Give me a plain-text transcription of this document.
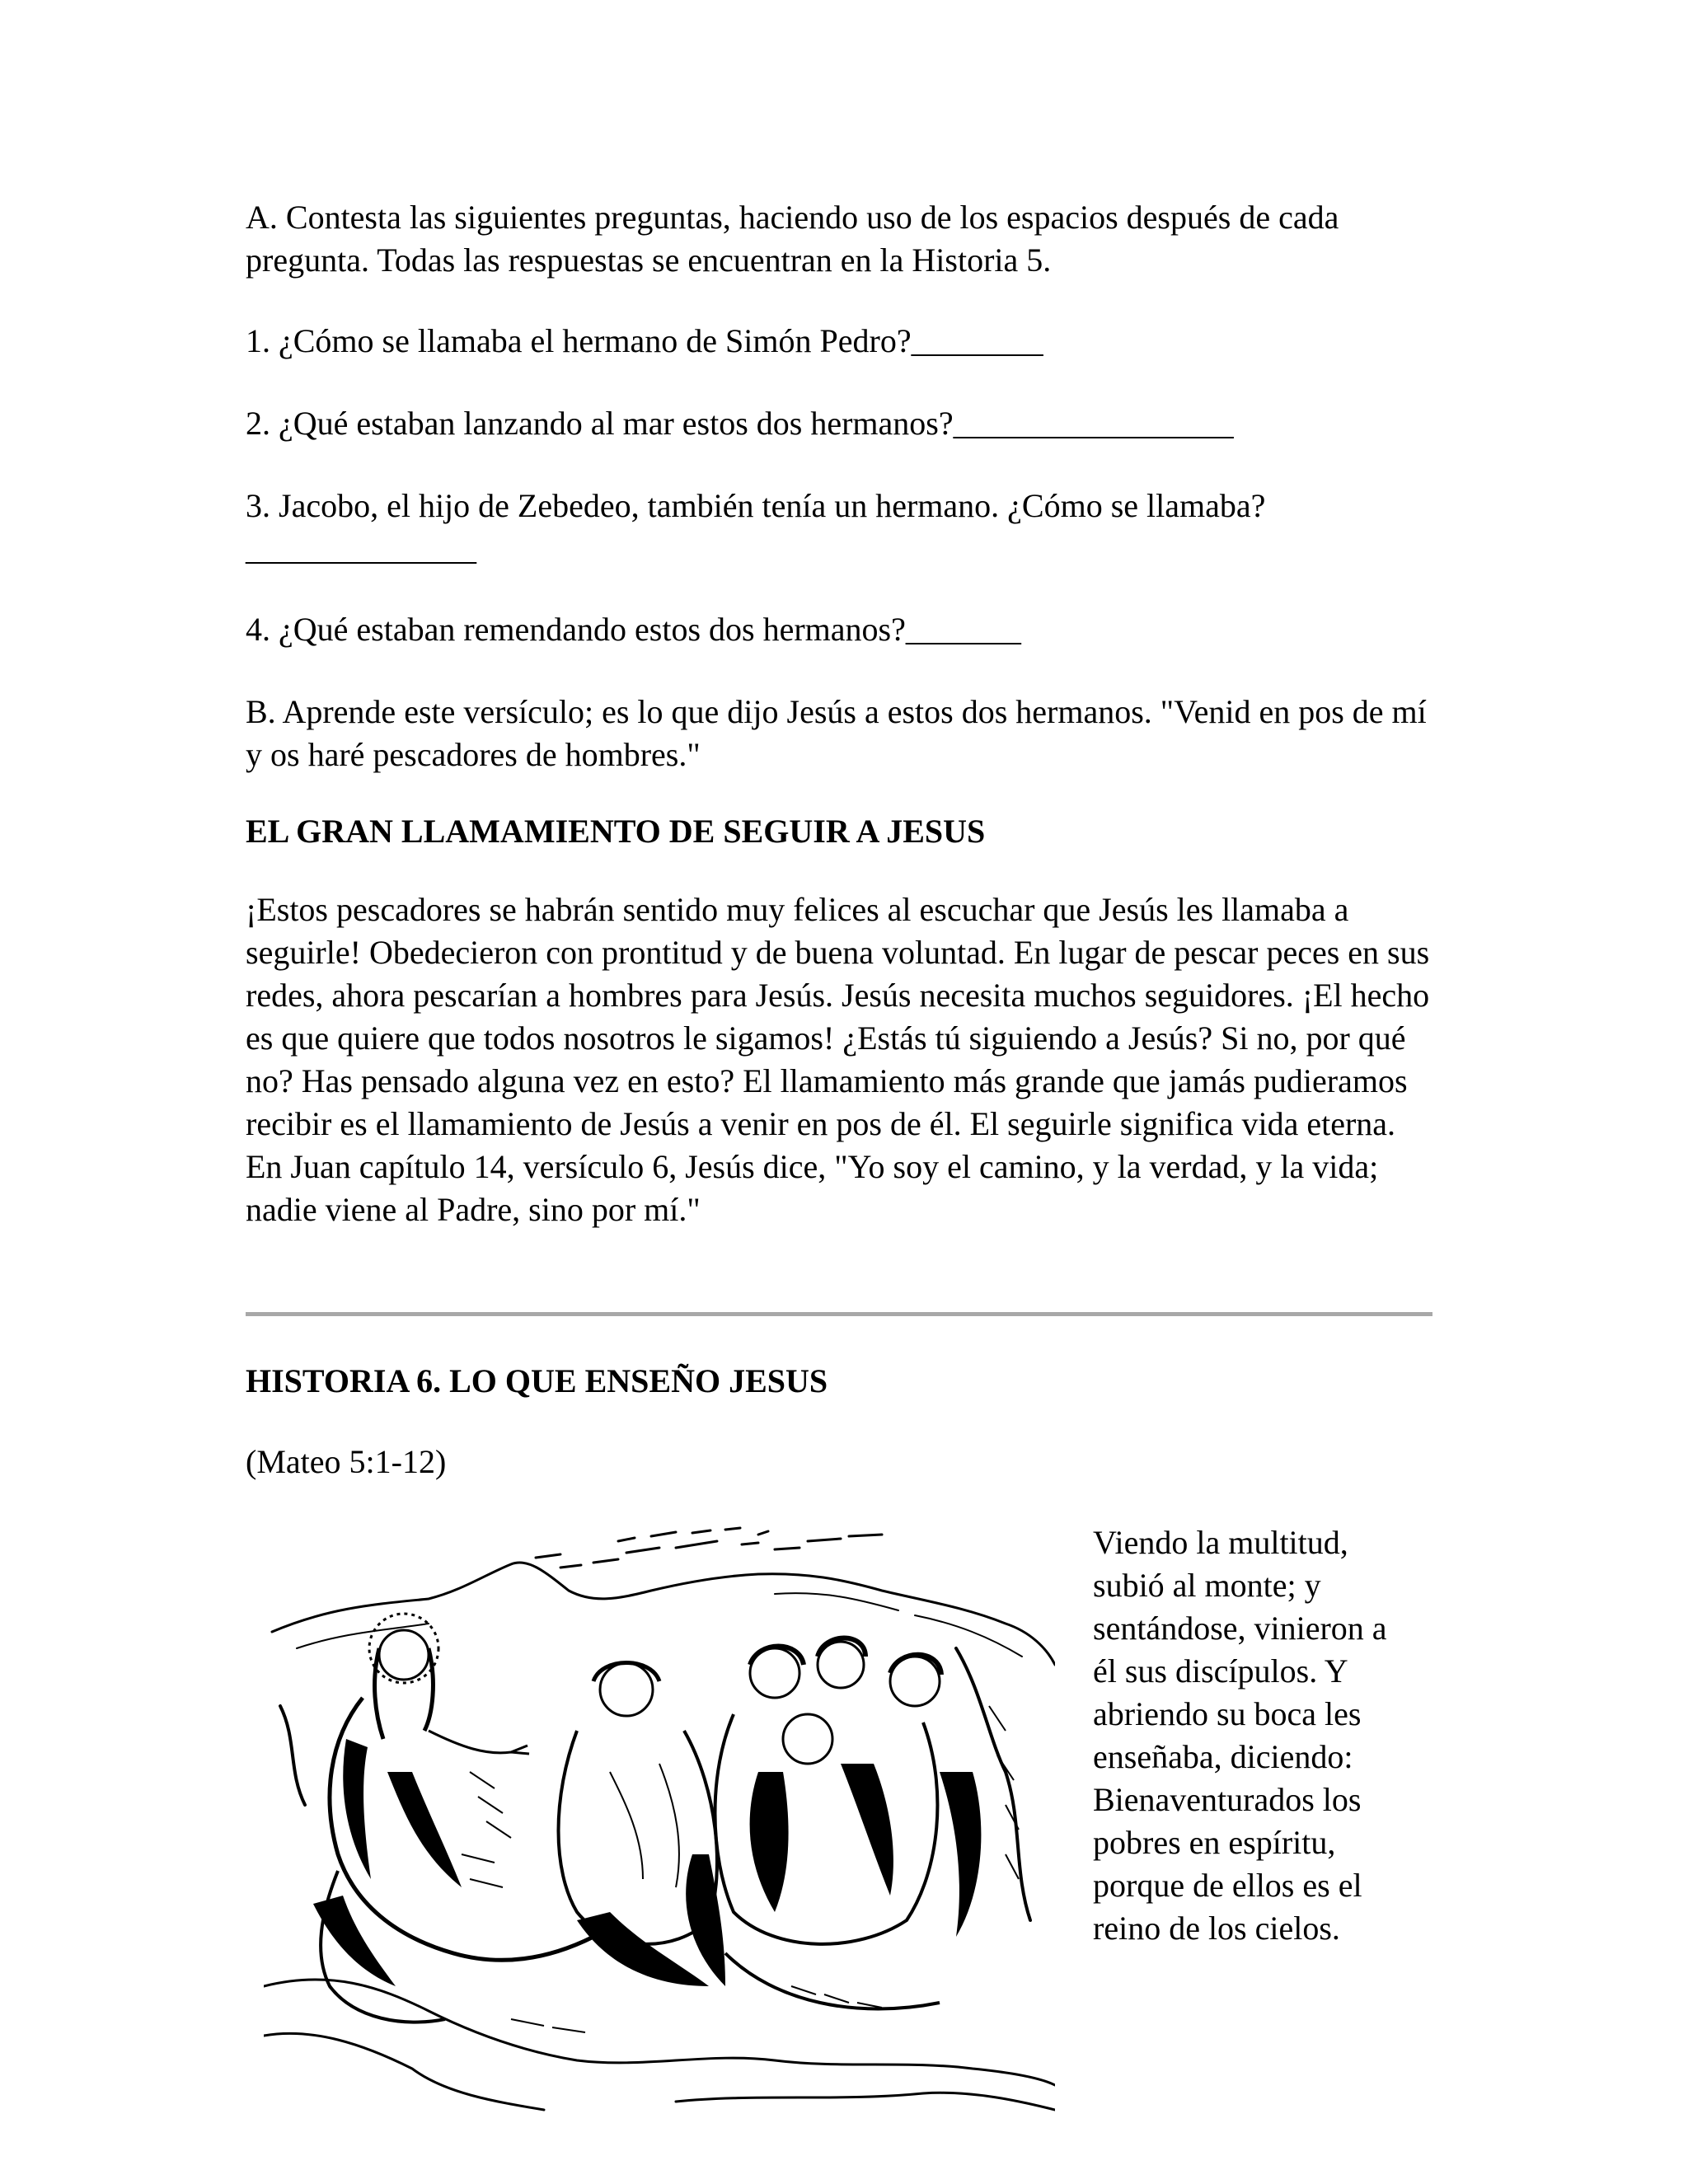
A. Contesta las siguientes preguntas, haciendo uso de los espacios después de cada pregunta. Todas las respuestas se encuentran en la Historia 5.

1. ¿Cómo se llamaba el hermano de Simón Pedro?________

2. ¿Qué estaban lanzando al mar estos dos hermanos?_________________

3. Jacobo, el hijo de Zebedeo, también tenía un hermano. ¿Cómo se llamaba?
______________

4. ¿Qué estaban remendando estos dos hermanos?_______

B. Aprende este versículo; es lo que dijo Jesús a estos dos hermanos. "Venid en pos de mí y os haré pescadores de hombres."

EL GRAN LLAMAMIENTO DE SEGUIR A JESUS

¡Estos pescadores se habrán sentido muy felices al escuchar que Jesús les llamaba a seguirle! Obedecieron con prontitud y de buena voluntad. En lugar de pescar peces en sus redes, ahora pescarían a hombres para Jesús. Jesús necesita muchos seguidores. ¡El hecho es que quiere que todos nosotros le sigamos! ¿Estás tú siguiendo a Jesús? Si no, por qué no? Has pensado alguna vez en esto? El llamamiento más grande que jamás pudieramos recibir es el llamamiento de Jesús a venir en pos de él. El seguirle significa vida eterna. En Juan capítulo 14, versículo 6, Jesús dice, "Yo soy el camino, y la verdad, y la vida; nadie viene al Padre, sino por mí."

HISTORIA 6. LO QUE ENSEÑO JESUS

(Mateo 5:1-12)

Viendo la multitud,

subió al monte; y

sentándose, vinieron a

él sus discípulos. Y

abriendo su boca les

enseñaba, diciendo:

Bienaventurados los

pobres en espíritu,

porque de ellos es el

reino de los cielos.
